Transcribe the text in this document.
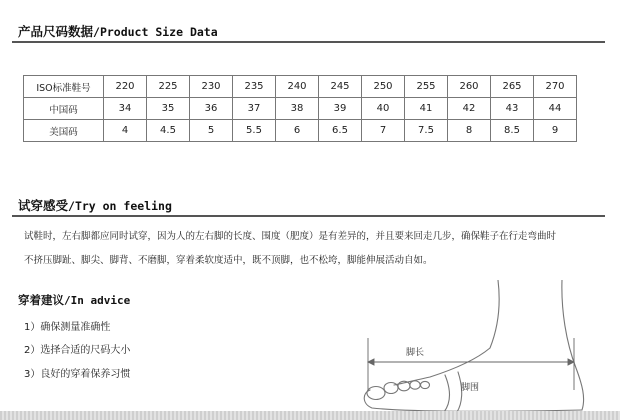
产品尺码数据/Product Size Data
ISO标准鞋号	220	225	230	235	240	245	250	255	260	265	270
中国码	34	35	36	37	38	39	40	41	42	43	44
美国码	4	4.5	5	5.5	6	6.5	7	7.5	8	8.5	9
试穿感受/Try on feeling
试鞋时，左右脚都应同时试穿，因为人的左右脚的长度、围度（肥度）是有差异的，并且要来回走几步，确保鞋子在行走弯曲时
不挤压脚趾、脚尖、脚背、不磨脚，穿着柔软度适中，既不顶脚，也不松垮，脚能伸展活动自如。
穿着建议/In advice
1）确保测量准确性
2）选择合适的尺码大小
3）良好的穿着保养习惯
脚长
脚围
